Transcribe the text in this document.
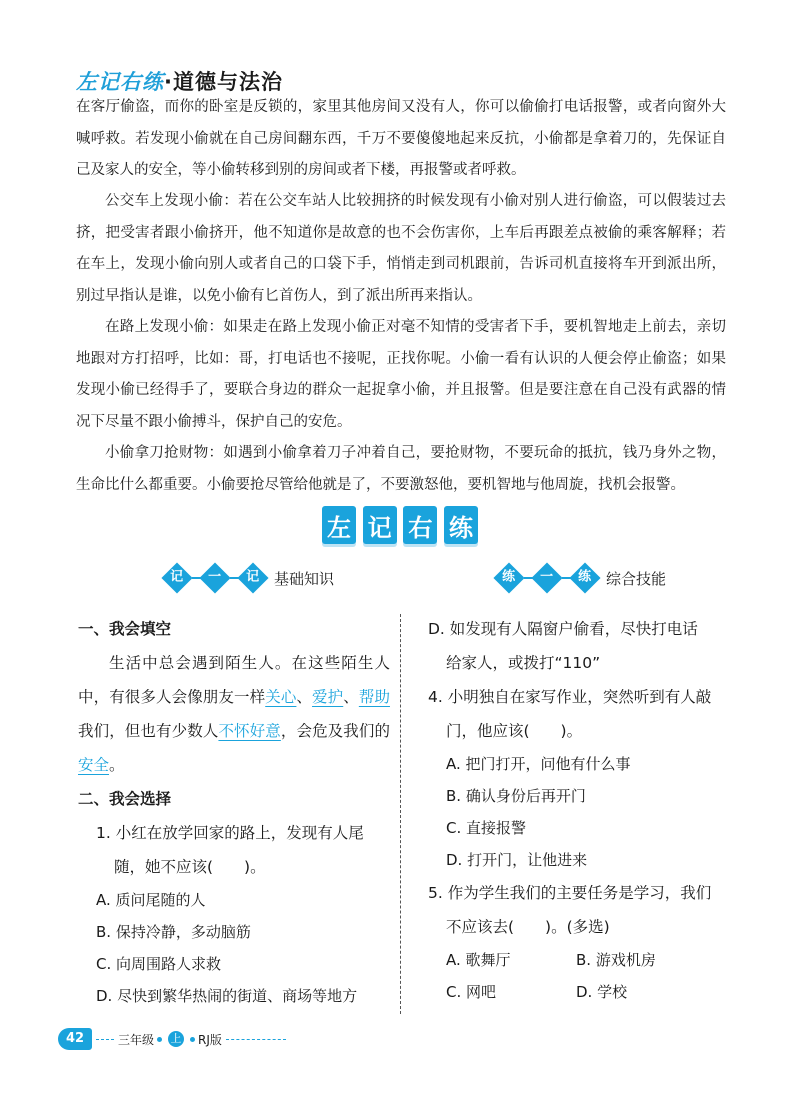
左记右练·道德与法治

在客厅偷盗，而你的卧室是反锁的，家里其他房间又没有人，你可以偷偷打电话报警，或者向窗外大喊呼救。若发现小偷就在自己房间翻东西，千万不要傻傻地起来反抗，小偷都是拿着刀的，先保证自己及家人的安全，等小偷转移到别的房间或者下楼，再报警或者呼救。

公交车上发现小偷：若在公交车站人比较拥挤的时候发现有小偷对别人进行偷盗，可以假装过去挤，把受害者跟小偷挤开，他不知道你是故意的也不会伤害你，上车后再跟差点被偷的乘客解释；若在车上，发现小偷向别人或者自己的口袋下手，悄悄走到司机跟前，告诉司机直接将车开到派出所，别过早指认是谁，以免小偷有匕首伤人，到了派出所再来指认。

在路上发现小偷：如果走在路上发现小偷正对毫不知情的受害者下手，要机智地走上前去，亲切地跟对方打招呼，比如：哥，打电话也不接呢，正找你呢。小偷一看有认识的人便会停止偷盗；如果发现小偷已经得手了，要联合身边的群众一起捉拿小偷，并且报警。但是要注意在自己没有武器的情况下尽量不跟小偷搏斗，保护自己的安危。

小偷拿刀抢财物：如遇到小偷拿着刀子冲着自己，要抢财物，不要玩命的抵抗，钱乃身外之物，生命比什么都重要。小偷要抢尽管给他就是了，不要激怒他，要机智地与他周旋，找机会报警。

左 记 右 练
记	一	记 基础知识	练	一	练 综合技能

一、我会填空

生活中总会遇到陌生人。在这些陌生人中，有很多人会像朋友一样关心、爱护、帮助我们，但也有少数人不怀好意，会危及我们的安全。

二、我会选择

1. 小红在放学回家的路上，发现有人尾
随，她不应该(　　)。

A. 质问尾随的人

B. 保持冷静，多动脑筋

C. 向周围路人求救

D. 尽快到繁华热闹的街道、商场等地方

D. 如发现有人隔窗户偷看，尽快打电话
给家人，或拨打“110”

4. 小明独自在家写作业，突然听到有人敲
门，他应该(　　)。

A. 把门打开，问他有什么事

B. 确认身份后再开门

C. 直接报警

D. 打开门，让他进来

5. 作为学生我们的主要任务是学习，我们
不应该去(　　)。(多选)

A. 歌舞厅	B. 游戏机房
C. 网吧	D. 学校
42	三年级 上 RJ版
